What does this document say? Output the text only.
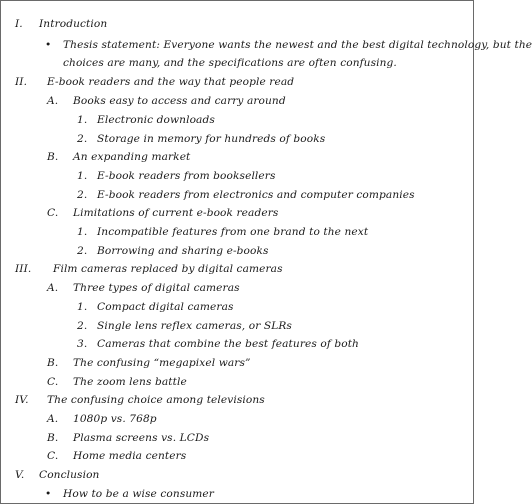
I. Introduction
• Thesis statement: Everyone wants the newest and the best digital technology, but the
choices are many, and the specifications are often confusing.
II. E-book readers and the way that people read
A. Books easy to access and carry around
1. Electronic downloads
2. Storage in memory for hundreds of books
B. An expanding market
1. E-book readers from booksellers
2. E-book readers from electronics and computer companies
C. Limitations of current e-book readers
1. Incompatible features from one brand to the next
2. Borrowing and sharing e-books
III. Film cameras replaced by digital cameras
A. Three types of digital cameras
1. Compact digital cameras
2. Single lens reflex cameras, or SLRs
3. Cameras that combine the best features of both
B. The confusing “megapixel wars”
C. The zoom lens battle
IV. The confusing choice among televisions
A. 1080p vs. 768p
B. Plasma screens vs. LCDs
C. Home media centers
V. Conclusion
• How to be a wise consumer
